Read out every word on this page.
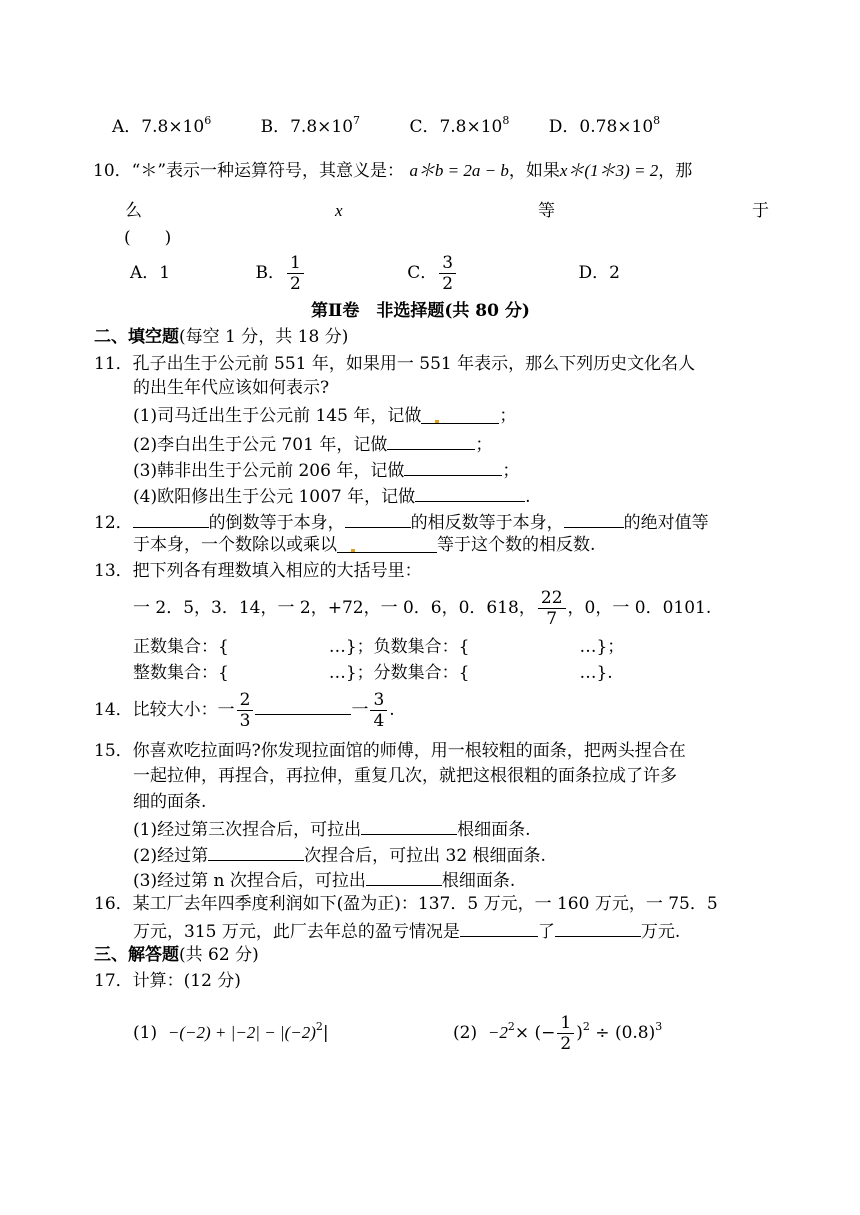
A．$7.8\times 10^6$	B．$7.8\times 10^7$	C．$7.8\times 10^8$ D．$0.78\times 10^8$
10．“＊”表示一种运算符号，其意义是： a＊b = 2a − b，如果x＊(1＊3) = 2，那
么	x	等	于
(　　)
A．1	B． $\frac{1}{2}$	C． $\frac{3}{2}$	D．2
第Ⅱ卷　非选择题(共 80 分)
二、填空题(每空 1 分，共 18 分)
11．孔子出生于公元前 551 年，如果用一 551 年表示，那么下列历史文化名人
的出生年代应该如何表示?
(1)司马迁出生于公元前 145 年，记做	；
(2)李白出生于公元 701 年，记做	；
(3)韩非出生于公元前 206 年，记做	；
(4)欧阳修出生于公元 1007 年，记做	.
12．	的倒数等于本身，	的相反数等于本身，	的绝对值等
于本身，一个数除以或乘以	等于这个数的相反数.
13．把下列各有理数填入相应的大括号里：
一 2．5，3．14，一 2，+72，一 0．6，0．618， $\frac{22}{7}$ ，0，一 0．0101.
正数集合：{	…}；负数集合：{	…}；
整数集合：{	…}；分数集合：{	…}.
14．比较大小：一 $\frac{2}{3}$	一 $\frac{3}{4}$ .
15．你喜欢吃拉面吗?你发现拉面馆的师傅，用一根较粗的面条，把两头捏合在
一起拉伸，再捏合，再拉伸，重复几次，就把这根很粗的面条拉成了许多
细的面条.
(1)经过第三次捏合后，可拉出	根细面条.
(2)经过第	次捏合后，可拉出 32 根细面条.
(3)经过第 n 次捏合后，可拉出	根细面条.
16．某工厂去年四季度利润如下(盈为正)：137．5 万元，一 160 万元，一 75．5
万元，315 万元，此厂去年总的盈亏情况是	了	万元.
三、解答题(共 62 分)
17．计算：(12 分)
$(1) -(-2) + |-2| - |(-2)^2|$	$(2) -2^2\times$ (− $\frac{1}{2} )^2 \div (0.8)^3$
